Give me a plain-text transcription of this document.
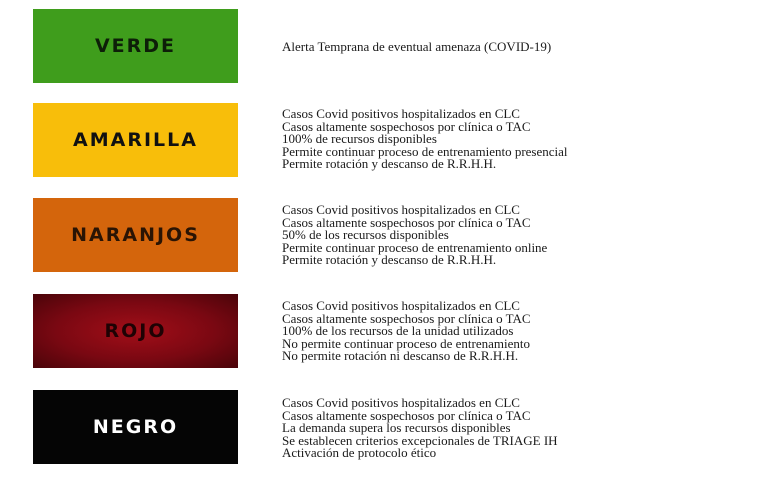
VERDE	Alerta Temprana de eventual amenaza (COVID-19)
AMARILLA
Casos Covid positivos hospitalizados en CLC
Casos altamente sospechosos por clínica o TAC
100% de recursos disponibles
Permite continuar proceso de entrenamiento presencial
Permite rotación y descanso de R.R.H.H.
NARANJOS
Casos Covid positivos hospitalizados en CLC
Casos altamente sospechosos por clínica o TAC
50% de los recursos disponibles
Permite continuar proceso de entrenamiento online
Permite rotación y descanso de R.R.H.H.
ROJO
Casos Covid positivos hospitalizados en CLC
Casos altamente sospechosos por clínica o TAC
100% de los recursos de la unidad utilizados
No permite continuar proceso de entrenamiento
No permite rotación ni descanso de R.R.H.H.
NEGRO
Casos Covid positivos hospitalizados en CLC
Casos altamente sospechosos por clínica o TAC
La demanda supera los recursos disponibles
Se establecen criterios excepcionales de TRIAGE IH
Activación de protocolo ético
